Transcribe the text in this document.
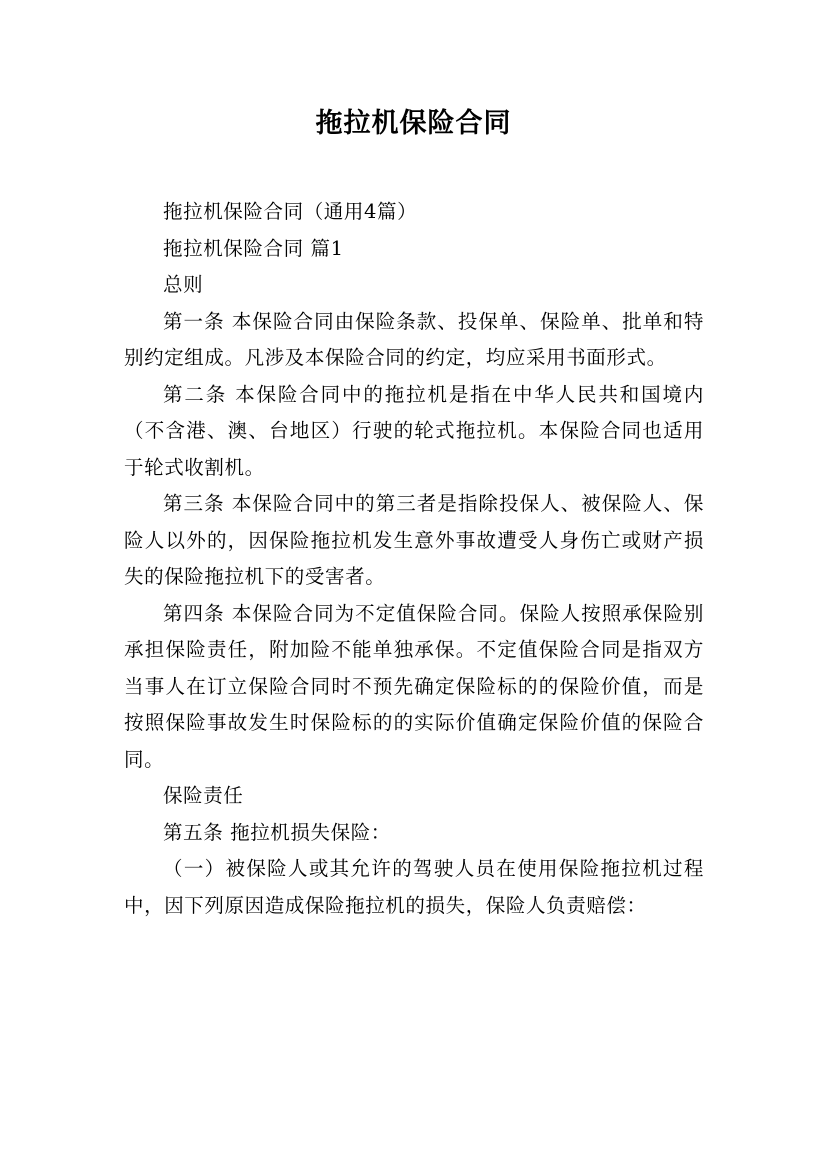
拖拉机保险合同

拖拉机保险合同（通用4篇）

拖拉机保险合同 篇1

总则

第一条 本保险合同由保险条款、投保单、保险单、批单和特别约定组成。凡涉及本保险合同的约定，均应采用书面形式。

第二条 本保险合同中的拖拉机是指在中华人民共和国境内（不含港、澳、台地区）行驶的轮式拖拉机。本保险合同也适用于轮式收割机。

第三条 本保险合同中的第三者是指除投保人、被保险人、保险人以外的，因保险拖拉机发生意外事故遭受人身伤亡或财产损失的保险拖拉机下的受害者。

第四条 本保险合同为不定值保险合同。保险人按照承保险别承担保险责任，附加险不能单独承保。不定值保险合同是指双方当事人在订立保险合同时不预先确定保险标的的保险价值，而是按照保险事故发生时保险标的的实际价值确定保险价值的保险合同。

保险责任

第五条 拖拉机损失保险：

（一）被保险人或其允许的驾驶人员在使用保险拖拉机过程中，因下列原因造成保险拖拉机的损失，保险人负责赔偿：
